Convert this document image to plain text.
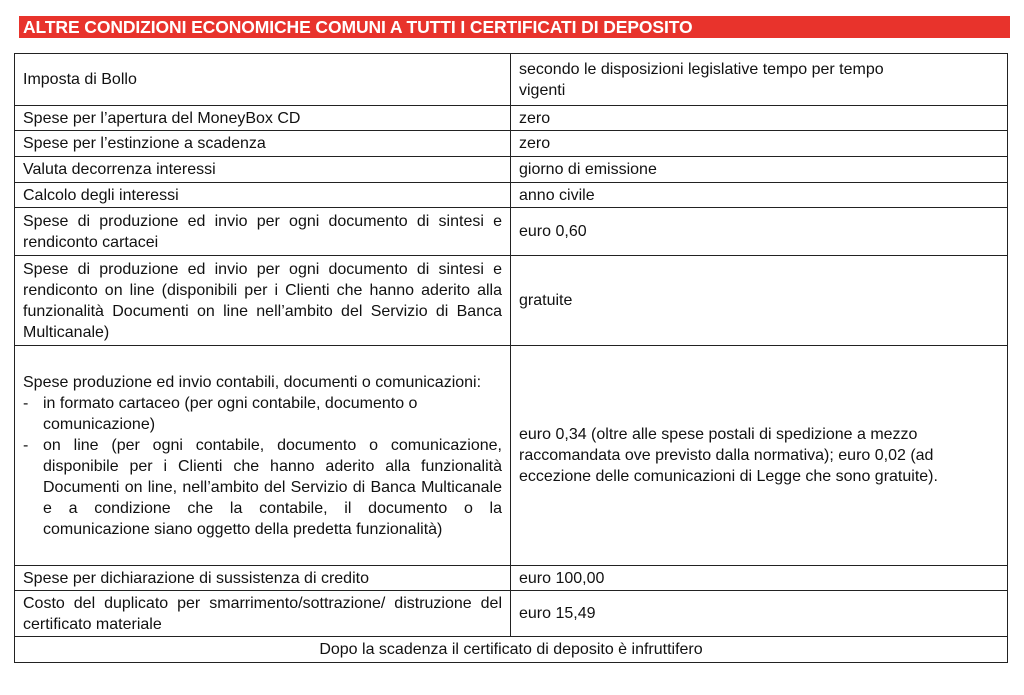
ALTRE CONDIZIONI ECONOMICHE COMUNI A TUTTI I CERTIFICATI DI DEPOSITO
Imposta di Bollo	secondo le disposizioni legislative tempo per tempo vigenti
Spese per l’apertura del MoneyBox CD	zero
Spese per l’estinzione a scadenza	zero
Valuta decorrenza interessi	giorno di emissione
Calcolo degli interessi	anno civile
Spese di produzione ed invio per ogni documento di sintesi e rendiconto cartacei	euro 0,60
Spese di produzione ed invio per ogni documento di sintesi e rendiconto on line (disponibili per i Clienti che hanno aderito alla funzionalità Documenti on line nell’ambito del Servizio di Banca Multicanale)	gratuite

Spese produzione ed invio contabili, documenti o comunicazioni:
- in formato cartaceo (per ogni contabile, documento o comunicazione)
- on line (per ogni contabile, documento o comunicazione, disponibile per i Clienti che hanno aderito alla funzionalità Documenti on line, nell’ambito del Servizio di Banca Multicanale e a condizione che la contabile, il documento o la comunicazione siano oggetto della predetta funzionalità)	euro 0,34 (oltre alle spese postali di spedizione a mezzo raccomandata ove previsto dalla normativa); euro 0,02 (ad eccezione delle comunicazioni di Legge che sono gratuite).
Spese per dichiarazione di sussistenza di credito	euro 100,00
Costo del duplicato per smarrimento/sottrazione/ distruzione del certificato materiale	euro 15,49
Dopo la scadenza il certificato di deposito è infruttifero	
